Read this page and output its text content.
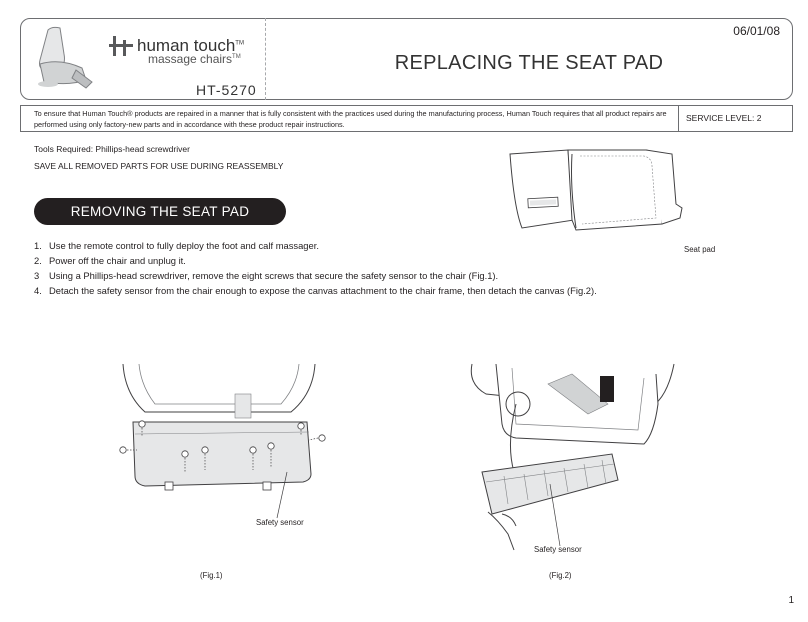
human touch™
massage chairs™
HT-5270
06/01/08
REPLACING THE SEAT PAD
To ensure that Human Touch® products are repaired in a manner that is fully consistent with the practices used during the manufacturing process, Human Touch requires that all product repairs are performed using only factory-new parts and in accordance with these product repair instructions.
SERVICE LEVEL: 2
Tools Required: Phillips-head screwdriver
SAVE ALL REMOVED PARTS FOR USE DURING REASSEMBLY
REMOVING THE SEAT PAD
1. Use the remote control to fully deploy the foot and calf massager.
2. Power off the chair and unplug it.
3	Using a Phillips-head screwdriver, remove the eight screws that secure the safety sensor to the chair (Fig.1).
4. Detach the safety sensor from the chair enough to expose the canvas attachment to the chair frame, then detach the canvas (Fig.2).
Seat pad
Safety sensor
(Fig.1)
Safety sensor
(Fig.2)
1
